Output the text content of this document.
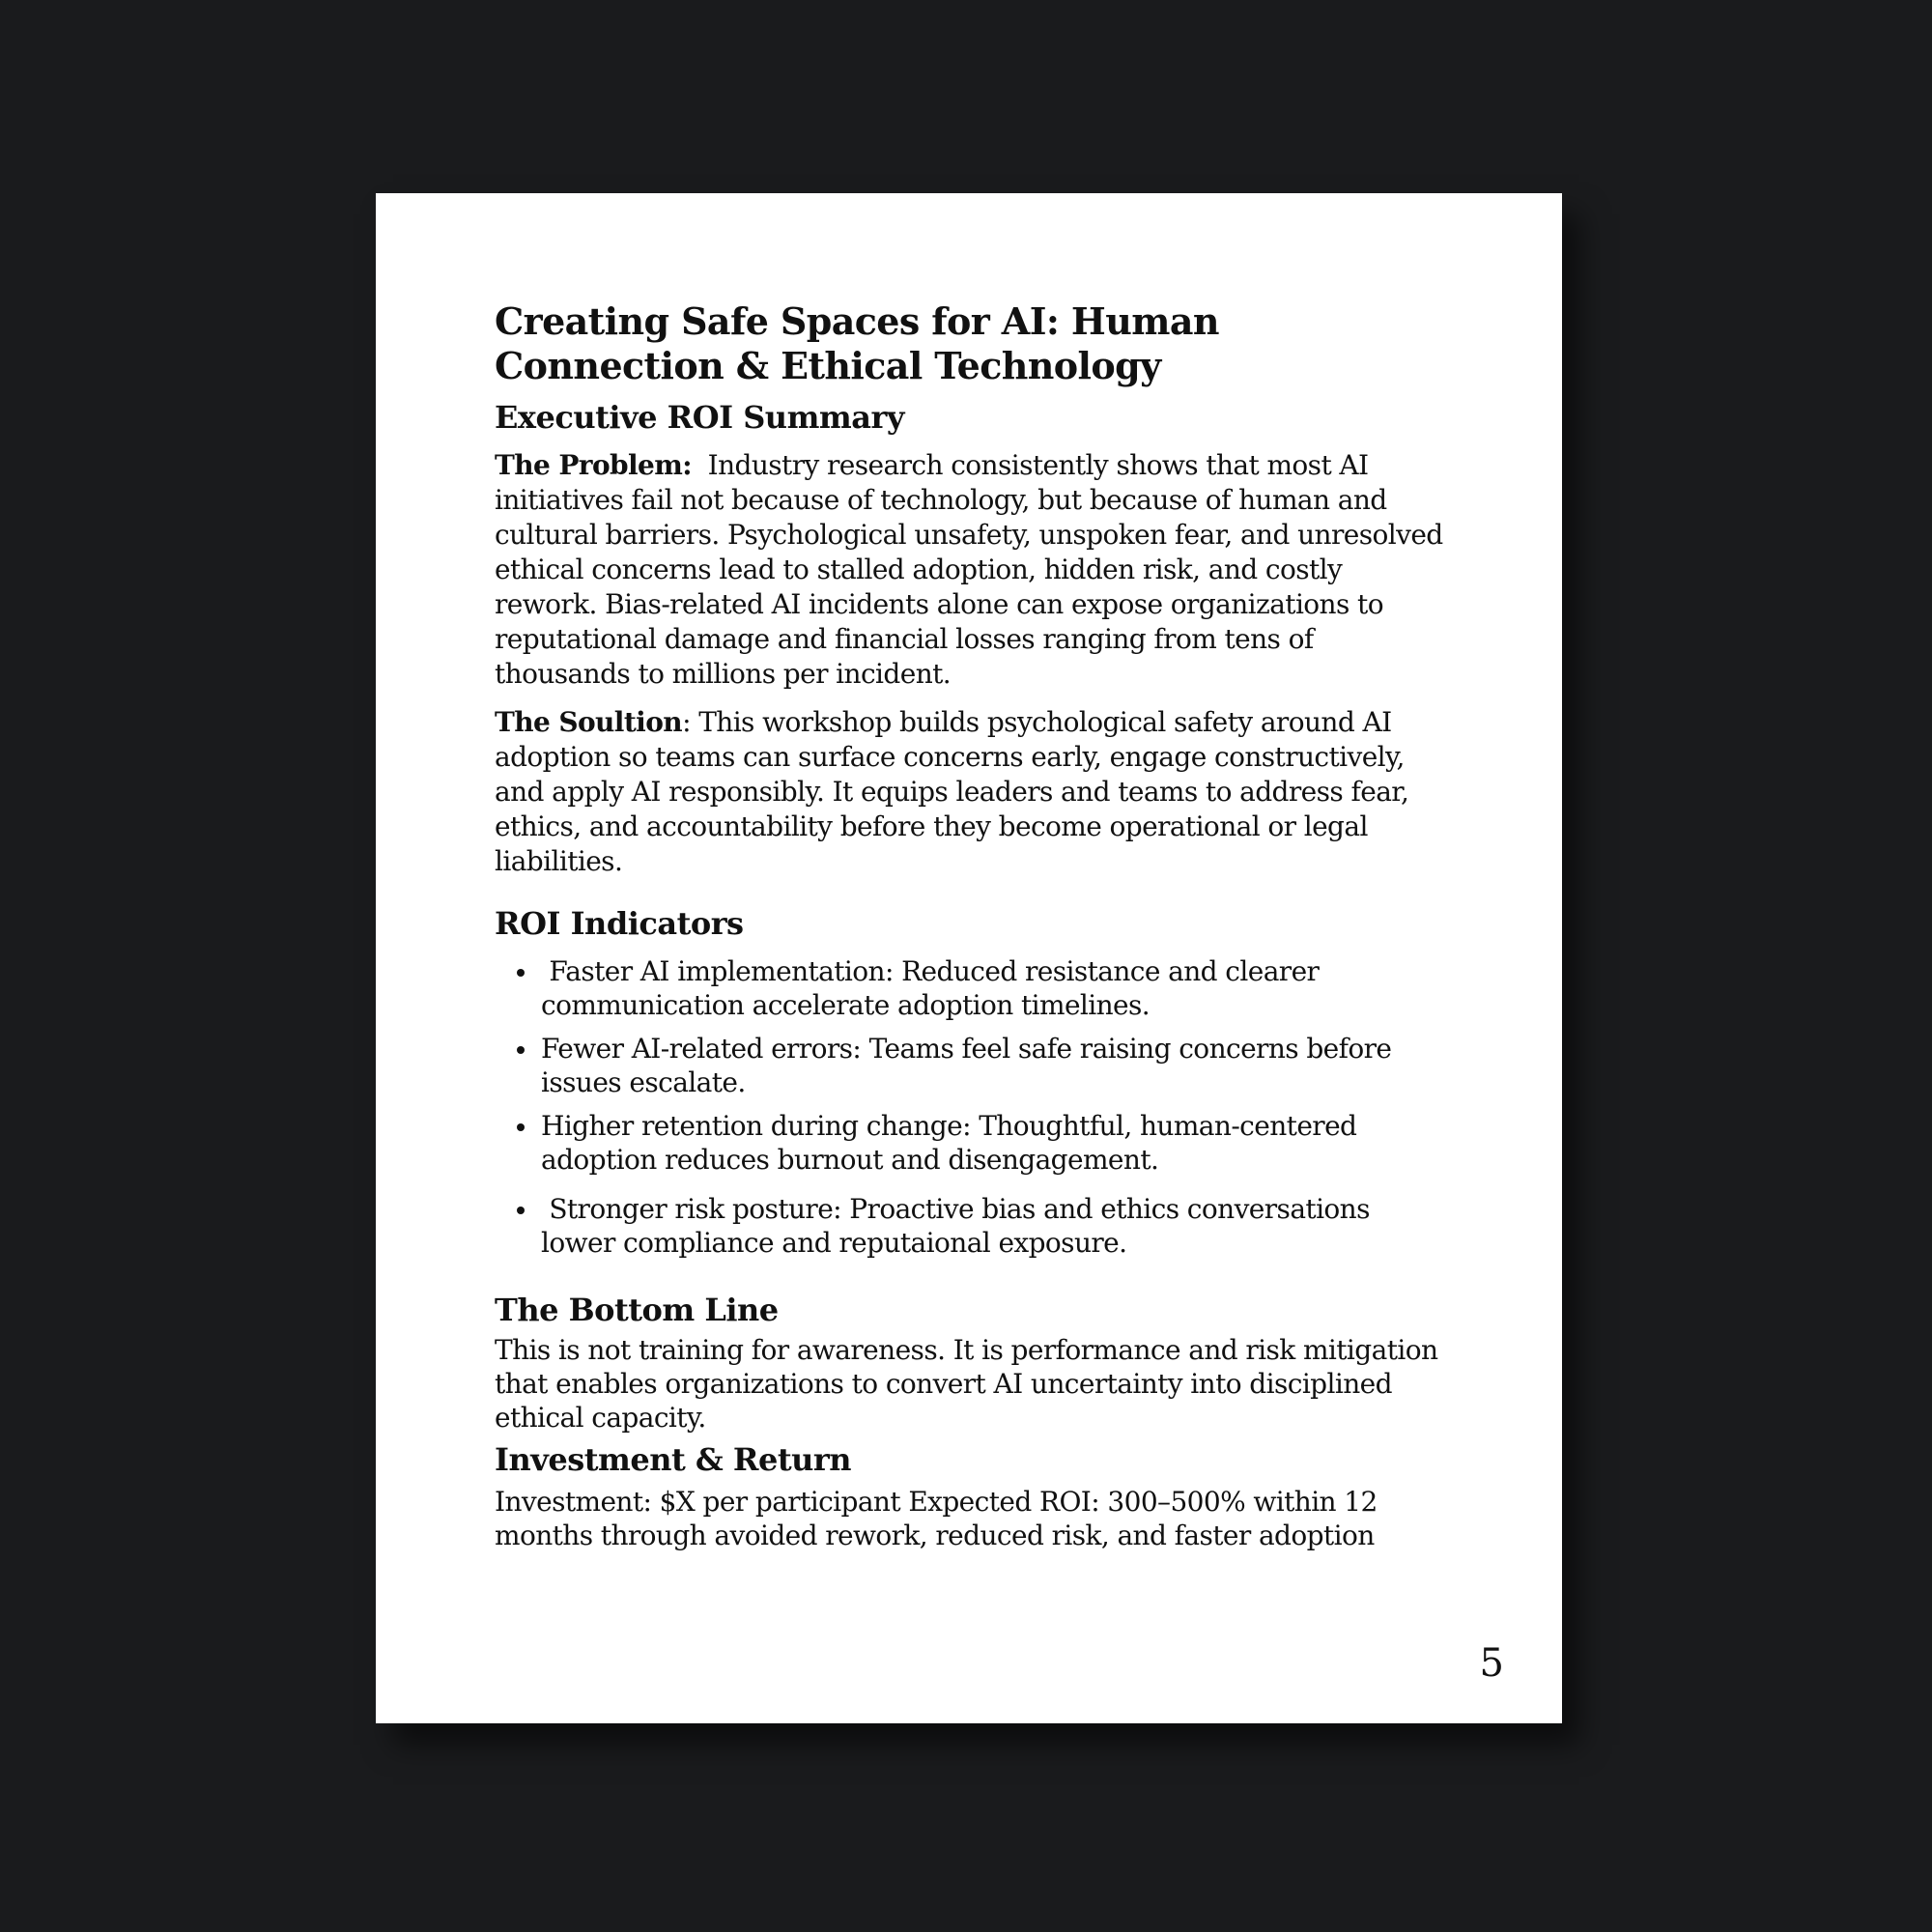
Creating Safe Spaces for AI: Human Connection & Ethical Technology
Executive ROI Summary

The Problem:  Industry research consistently shows that most AI initiatives fail not because of technology, but because of human and cultural barriers. Psychological unsafety, unspoken fear, and unresolved ethical concerns lead to stalled adoption, hidden risk, and costly rework. Bias-related AI incidents alone can expose organizations to reputational damage and financial losses ranging from tens of thousands to millions per incident.

The Soultion: This workshop builds psychological safety around AI adoption so teams can surface concerns early, engage constructively, and apply AI responsibly. It equips leaders and teams to address fear, ethics, and accountability before they become operational or legal liabilities.

ROI Indicators
Faster AI implementation: Reduced resistance and clearer communication accelerate adoption timelines.
Fewer AI-related errors: Teams feel safe raising concerns before issues escalate.
Higher retention during change: Thoughtful, human-centered adoption reduces burnout and disengagement.
Stronger risk posture: Proactive bias and ethics conversations lower compliance and reputaional exposure.
The Bottom Line

This is not training for awareness. It is performance and risk mitigation that enables organizations to convert AI uncertainty into disciplined ethical capacity.

Investment & Return

Investment: $X per participant Expected ROI: 300–500% within 12 months through avoided rework, reduced risk, and faster adoption

5
